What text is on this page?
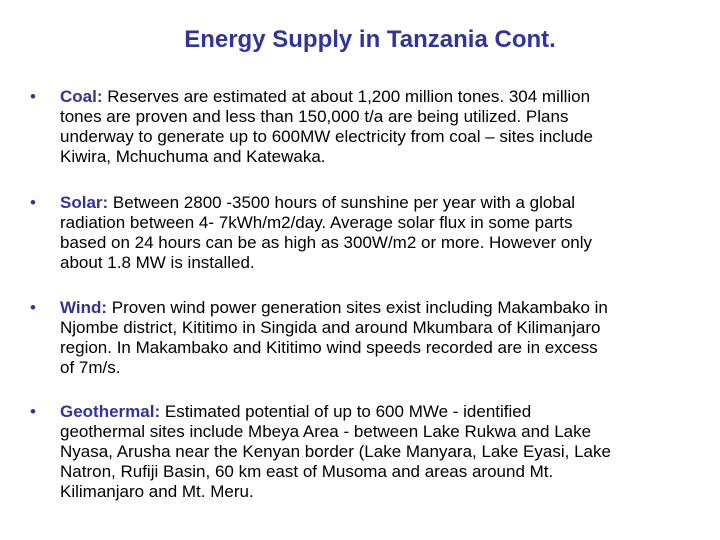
Energy Supply in Tanzania Cont.
•	Coal: Reserves are estimated at about 1,200 million tones. 304 million
tones are proven and less than 150,000 t/a are being utilized. Plans
underway to generate up to 600MW electricity from coal – sites include
Kiwira, Mchuchuma and Katewaka.
•	Solar: Between 2800 -3500 hours of sunshine per year with a global
radiation between 4- 7kWh/m2/day. Average solar flux in some parts
based on 24 hours can be as high as 300W/m2 or more. However only
about 1.8 MW is installed.
•	Wind: Proven wind power generation sites exist including Makambako in
Njombe district, Kititimo in Singida and around Mkumbara of Kilimanjaro
region. In Makambako and Kititimo wind speeds recorded are in excess
of 7m/s.
•	Geothermal: Estimated potential of up to 600 MWe - identified
geothermal sites include Mbeya Area - between Lake Rukwa and Lake
Nyasa, Arusha near the Kenyan border (Lake Manyara, Lake Eyasi, Lake
Natron, Rufiji Basin, 60 km east of Musoma and areas around Mt.
Kilimanjaro and Mt. Meru.
